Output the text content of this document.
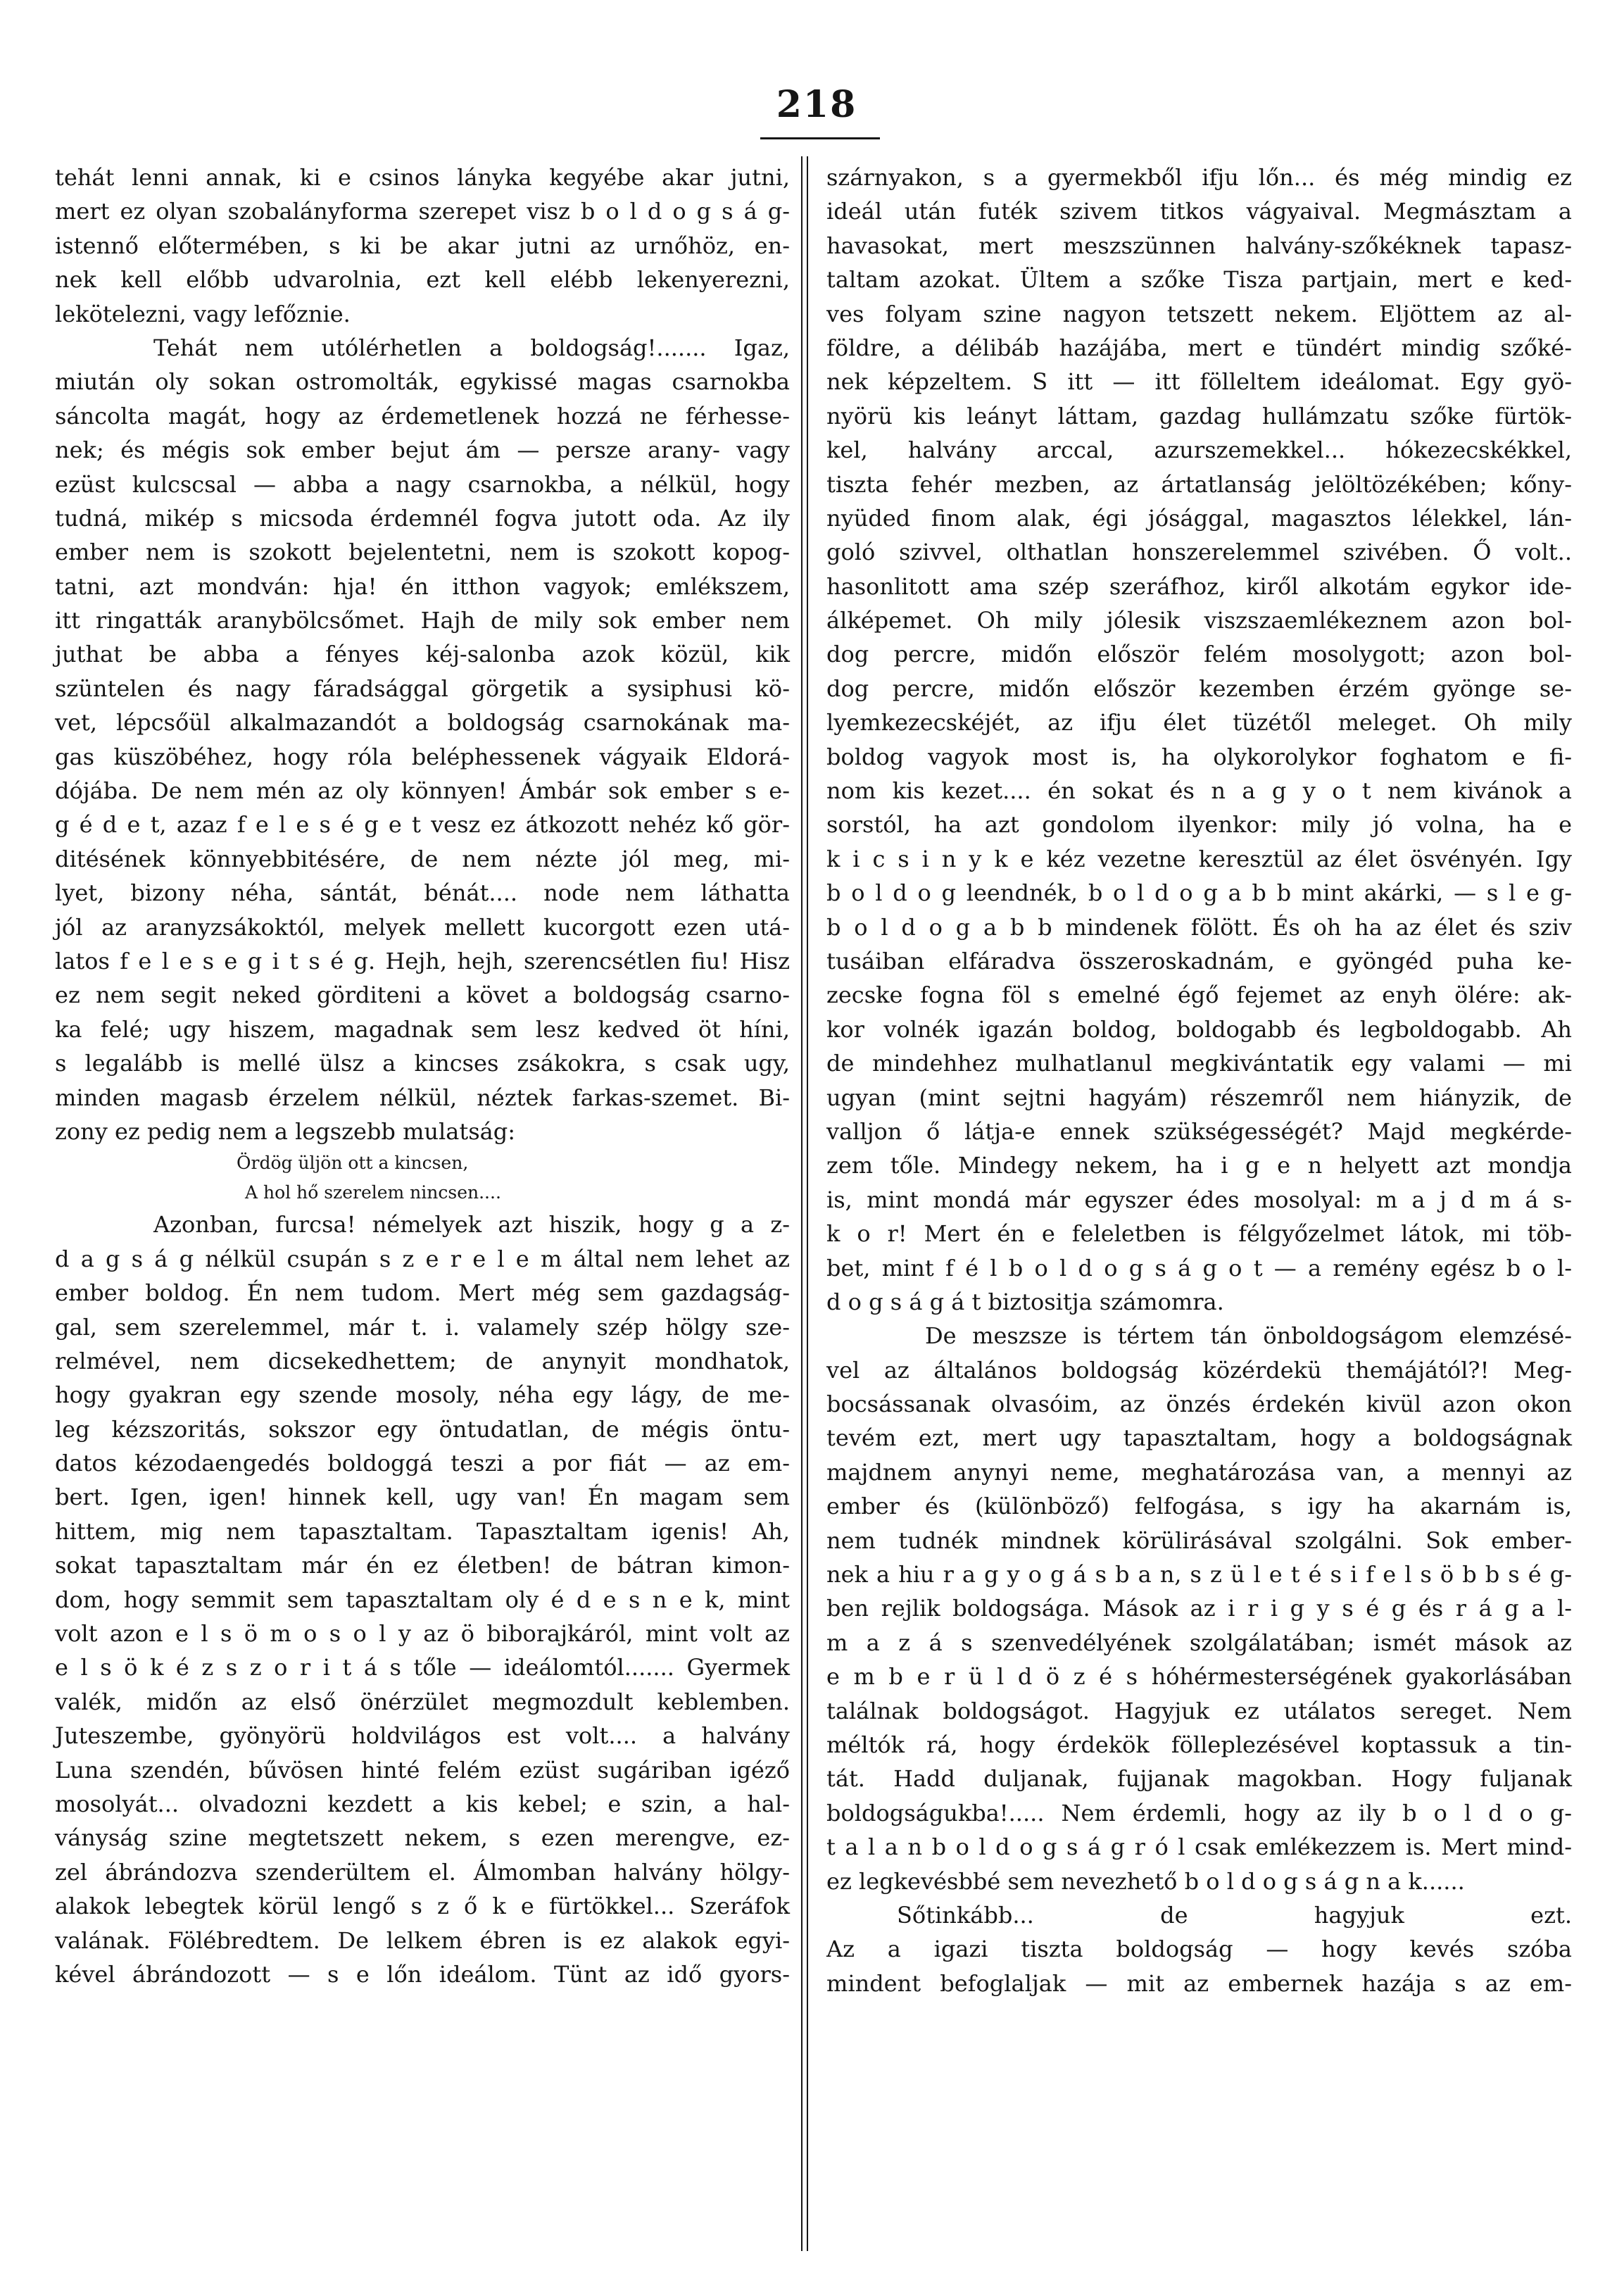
218
tehát lenni annak, ki e csinos lányka kegyébe akar jutni,
mert ez olyan szobalányforma szerepet visz b o l d o g s á g-
istennő előtermében, s ki be akar jutni az urnőhöz, en-
nek kell előbb udvarolnia, ezt kell elébb lekenyerezni,
lekötelezni, vagy lefőznie.
Tehát nem utólérhetlen a boldogság!....... Igaz,
miután oly sokan ostromolták, egykissé magas csarnokba
sáncolta magát, hogy az érdemetlenek hozzá ne férhesse-
nek; és mégis sok ember bejut ám — persze arany- vagy
ezüst kulcscsal — abba a nagy csarnokba, a nélkül, hogy
tudná, mikép s micsoda érdemnél fogva jutott oda. Az ily
ember nem is szokott bejelentetni, nem is szokott kopog-
tatni, azt mondván: hja! én itthon vagyok; emlékszem,
itt ringatták aranybölcsőmet. Hajh de mily sok ember nem
juthat be abba a fényes kéj-salonba azok közül, kik
szüntelen és nagy fáradsággal görgetik a sysiphusi kö-
vet, lépcsőül alkalmazandót a boldogság csarnokának ma-
gas küszöbéhez, hogy róla beléphessenek vágyaik Eldorá-
dójába. De nem mén az oly könnyen! Ámbár sok ember s e-
g é d e t, azaz f e l e s é g e t vesz ez átkozott nehéz kő gör-
ditésének könnyebbitésére, de nem nézte jól meg, mi-
lyet, bizony néha, sántát, bénát.... node nem láthatta
jól az aranyzsákoktól, melyek mellett kucorgott ezen utá-
latos f e l e s e g i t s é g. Hejh, hejh, szerencsétlen fiu! Hisz
ez nem segit neked görditeni a követ a boldogság csarno-
ka felé; ugy hiszem, magadnak sem lesz kedved öt híni,
s legalább is mellé ülsz a kincses zsákokra, s csak ugy,
minden magasb érzelem nélkül, néztek farkas-szemet. Bi-
zony ez pedig nem a legszebb mulatság:
Ördög üljön ott a kincsen,
A hol hő szerelem nincsen....
Azonban, furcsa! némelyek azt hiszik, hogy g a z-
d a g s á g nélkül csupán s z e r e l e m által nem lehet az
ember boldog. Én nem tudom. Mert még sem gazdagság-
gal, sem szerelemmel, már t. i. valamely szép hölgy sze-
relmével, nem dicsekedhettem; de anynyit mondhatok,
hogy gyakran egy szende mosoly, néha egy lágy, de me-
leg kézszoritás, sokszor egy öntudatlan, de mégis öntu-
datos kézodaengedés boldoggá teszi a por fiát — az em-
bert. Igen, igen! hinnek kell, ugy van! Én magam sem
hittem, mig nem tapasztaltam. Tapasztaltam igenis! Ah,
sokat tapasztaltam már én ez életben! de bátran kimon-
dom, hogy semmit sem tapasztaltam oly é d e s n e k, mint
volt azon e l s ö m o s o l y az ö biborajkáról, mint volt az
e l s ö k é z s z o r i t á s tőle — ideálomtól....... Gyermek
valék, midőn az első önérzület megmozdult keblemben.
Juteszembe, gyönyörü holdvilágos est volt.... a halvány
Luna szendén, bűvösen hinté felém ezüst sugáriban igéző
mosolyát... olvadozni kezdett a kis kebel; e szin, a hal-
ványság szine megtetszett nekem, s ezen merengve, ez-
zel ábrándozva szenderültem el. Álmomban halvány hölgy-
alakok lebegtek körül lengő s z ő k e fürtökkel... Szeráfok
valának. Fölébredtem. De lelkem ébren is ez alakok egyi-
kével ábrándozott — s e lőn ideálom. Tünt az idő gyors-
szárnyakon, s a gyermekből ifju lőn... és még mindig ez
ideál után futék szivem titkos vágyaival. Megmásztam a
havasokat, mert meszszünnen halvány-szőkéknek tapasz-
taltam azokat. Ültem a szőke Tisza partjain, mert e ked-
ves folyam szine nagyon tetszett nekem. Eljöttem az al-
földre, a délibáb hazájába, mert e tündért mindig szőké-
nek képzeltem. S itt — itt fölleltem ideálomat. Egy gyö-
nyörü kis leányt láttam, gazdag hullámzatu szőke fürtök-
kel, halvány arccal, azurszemekkel... hókezecskékkel,
tiszta fehér mezben, az ártatlanság jelöltözékében; kőny-
nyüded finom alak, égi jósággal, magasztos lélekkel, lán-
goló szivvel, olthatlan honszerelemmel szivében. Ő volt..
hasonlitott ama szép szeráfhoz, kiről alkotám egykor ide-
álképemet. Oh mily jólesik viszszaemlékeznem azon bol-
dog percre, midőn először felém mosolygott; azon bol-
dog percre, midőn először kezemben érzém gyönge se-
lyemkezecskéjét, az ifju élet tüzétől meleget. Oh mily
boldog vagyok most is, ha olykorolykor foghatom e fi-
nom kis kezet.... én sokat és n a g y o t nem kivánok a
sorstól, ha azt gondolom ilyenkor: mily jó volna, ha e
k i c s i n y k e kéz vezetne keresztül az élet ösvényén. Igy
b o l d o g leendnék, b o l d o g a b b mint akárki, — s l e g-
b o l d o g a b b mindenek fölött. És oh ha az élet és sziv
tusáiban elfáradva összeroskadnám, e gyöngéd puha ke-
zecske fogna föl s emelné égő fejemet az enyh ölére: ak-
kor volnék igazán boldog, boldogabb és legboldogabb. Ah
de mindehhez mulhatlanul megkivántatik egy valami — mi
ugyan (mint sejtni hagyám) részemről nem hiányzik, de
valljon ő látja-e ennek szükségességét? Majd megkérde-
zem tőle. Mindegy nekem, ha i g e n helyett azt mondja
is, mint mondá már egyszer édes mosolyal: m a j d m á s-
k o r! Mert én e feleletben is félgyőzelmet látok, mi töb-
bet, mint f é l b o l d o g s á g o t — a remény egész b o l-
d o g s á g á t biztositja számomra.
De meszsze is tértem tán önboldogságom elemzésé-
vel az általános boldogság közérdekü themájától?! Meg-
bocsássanak olvasóim, az önzés érdekén kivül azon okon
tevém ezt, mert ugy tapasztaltam, hogy a boldogságnak
majdnem anynyi neme, meghatározása van, a mennyi az
ember és (különböző) felfogása, s igy ha akarnám is,
nem tudnék mindnek körülirásával szolgálni. Sok ember-
nek a hiu r a g y o g á s b a n, s z ü l e t é s i f e l s ö b b s é g-
ben rejlik boldogsága. Mások az i r i g y s é g és r á g a l-
m a z á s szenvedélyének szolgálatában; ismét mások az
e m b e r ü l d ö z é s hóhérmesterségének gyakorlásában
találnak boldogságot. Hagyjuk ez utálatos sereget. Nem
méltók rá, hogy érdekök fölleplezésével koptassuk a tin-
tát. Hadd duljanak, fujjanak magokban. Hogy fuljanak
boldogságukba!..... Nem érdemli, hogy az ily b o l d o g-
t a l a n b o l d o g s á g r ó l csak emlékezzem is. Mert mind-
ez legkevésbbé sem nevezhető b o l d o g s á g n a k......
Sőtinkább... de hagyjuk ezt.
Az a igazi tiszta boldogság — hogy kevés szóba
mindent befoglaljak — mit az embernek hazája s az em-
